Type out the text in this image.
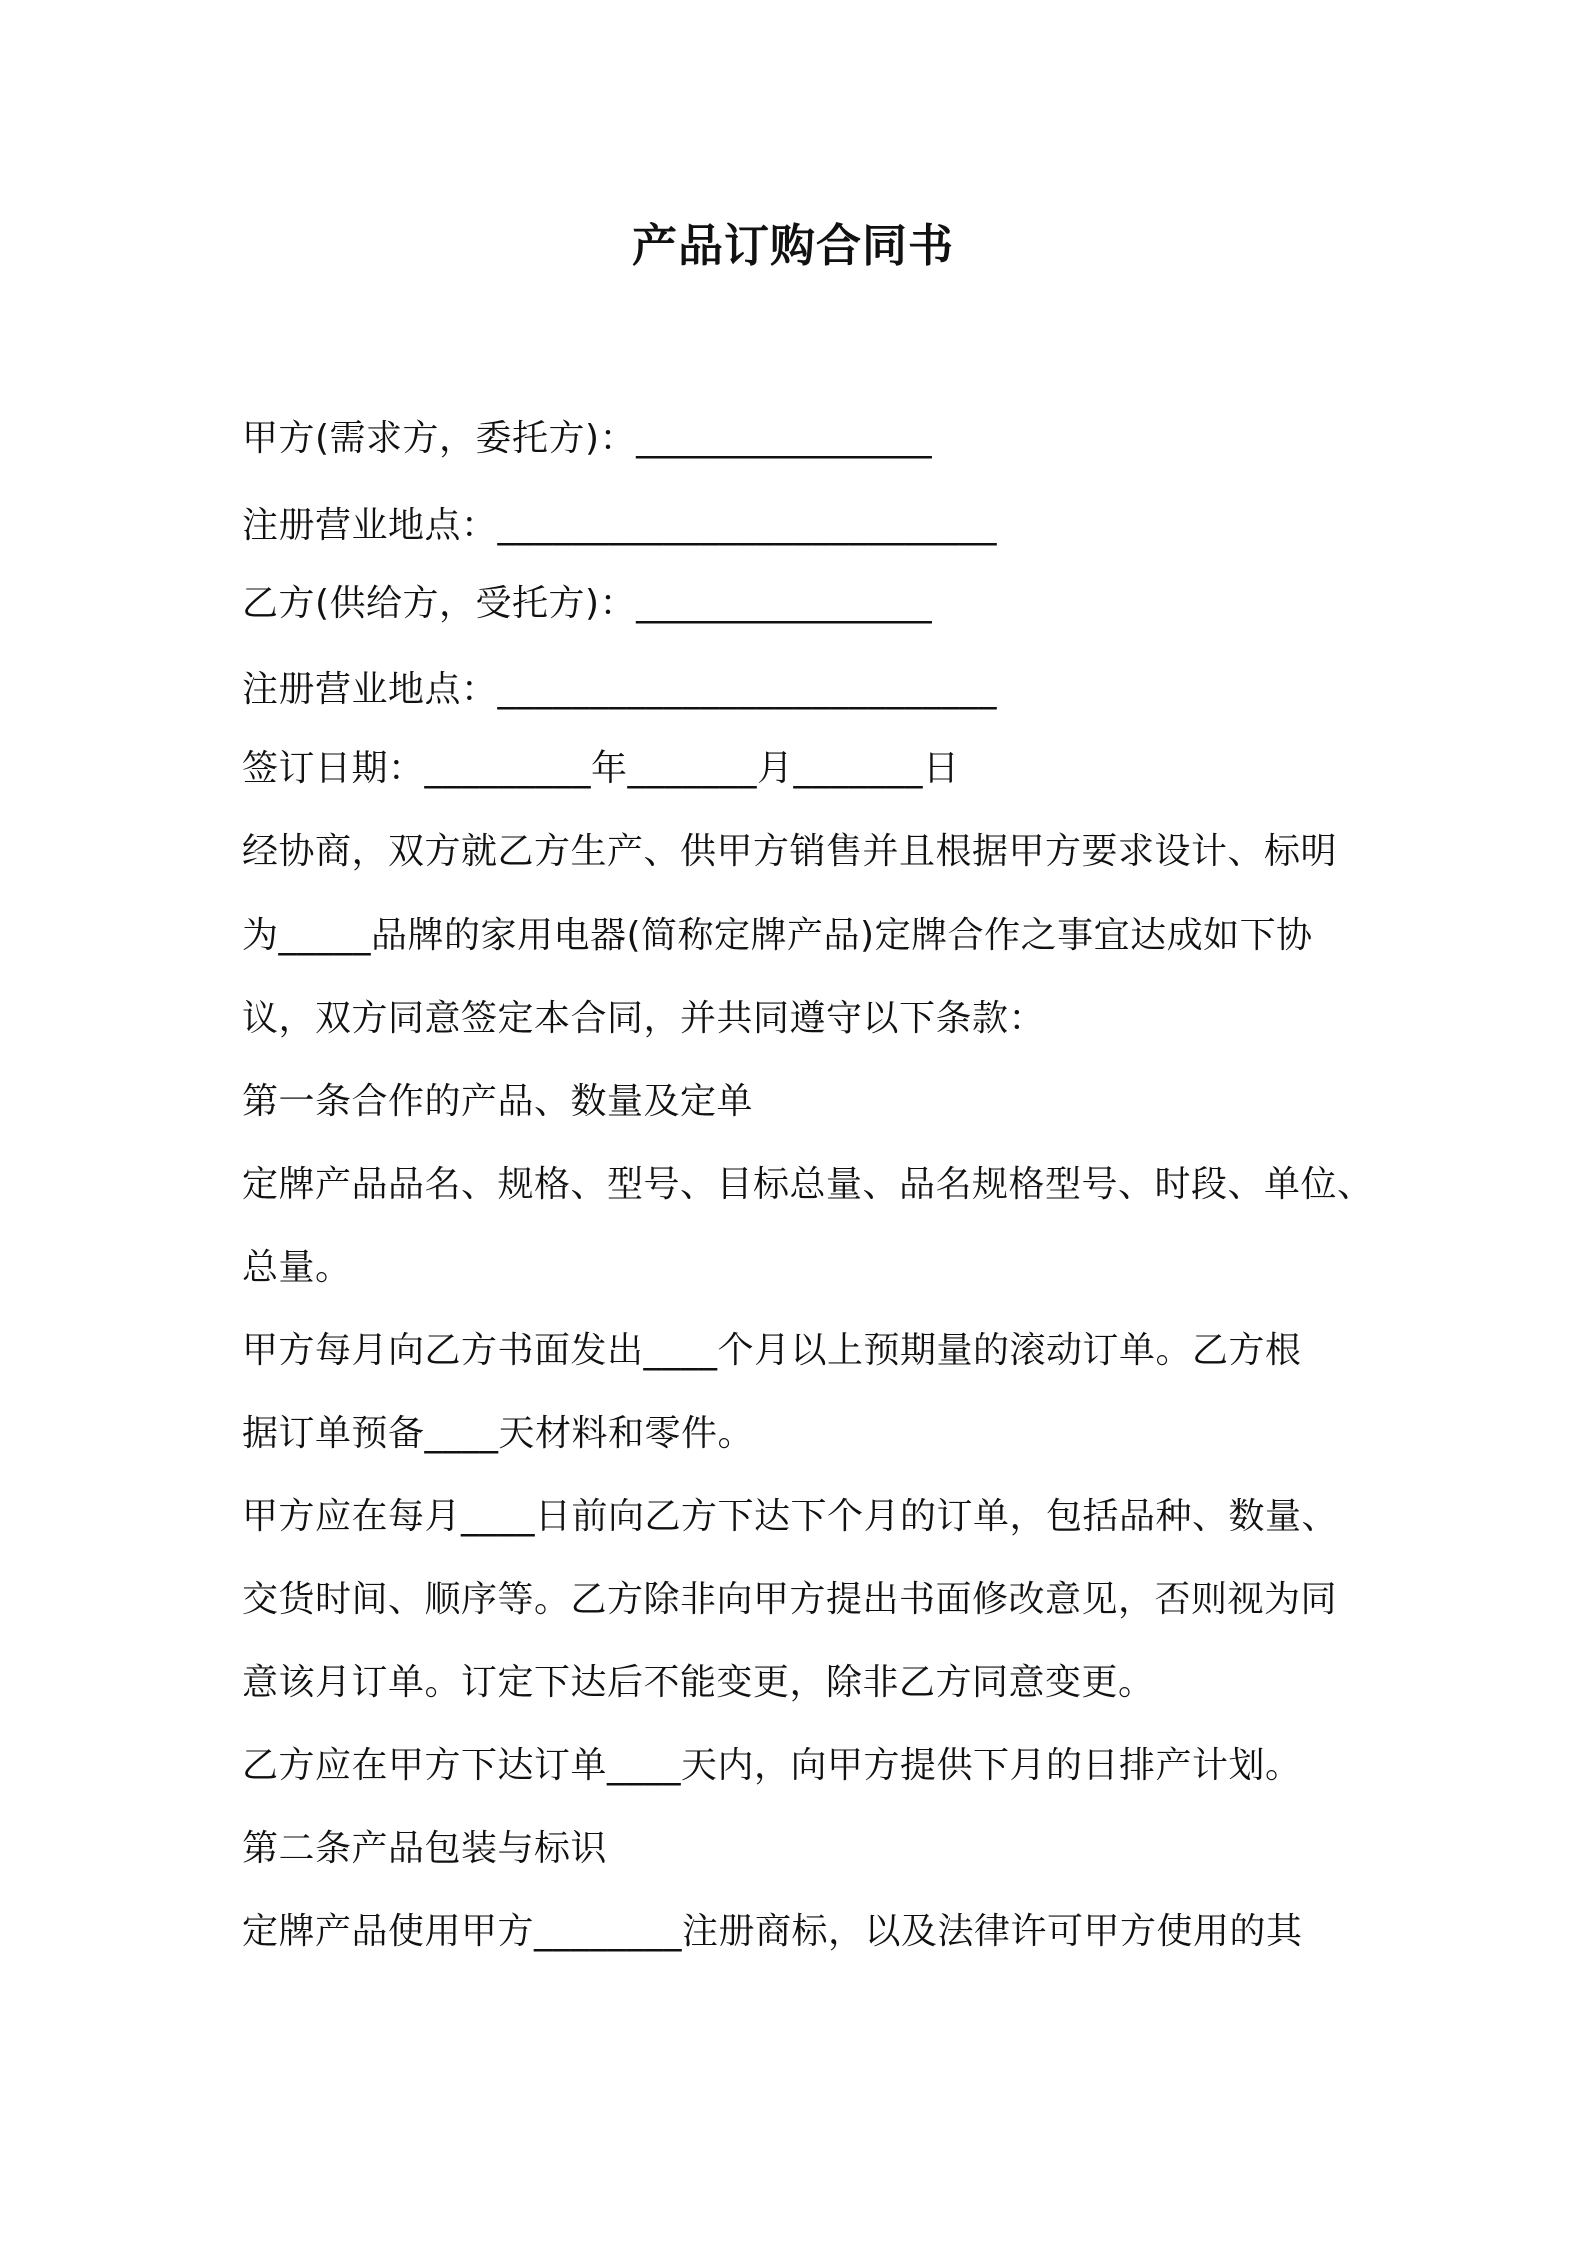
产品订购合同书
甲方(需求方，委托方)：________________
注册营业地点：___________________________
乙方(供给方，受托方)：________________
注册营业地点：___________________________
签订日期：_________年_______月_______日
经协商，双方就乙方生产、供甲方销售并且根据甲方要求设计、标明
为_____品牌的家用电器(简称定牌产品)定牌合作之事宜达成如下协
议，双方同意签定本合同，并共同遵守以下条款：
第一条合作的产品、数量及定单
定牌产品品名、规格、型号、目标总量、品名规格型号、时段、单位、
总量。
甲方每月向乙方书面发出____个月以上预期量的滚动订单。乙方根
据订单预备____天材料和零件。
甲方应在每月____日前向乙方下达下个月的订单，包括品种、数量、
交货时间、顺序等。乙方除非向甲方提出书面修改意见，否则视为同
意该月订单。订定下达后不能变更，除非乙方同意变更。
乙方应在甲方下达订单____天内，向甲方提供下月的日排产计划。
第二条产品包装与标识
定牌产品使用甲方________注册商标，以及法律许可甲方使用的其
